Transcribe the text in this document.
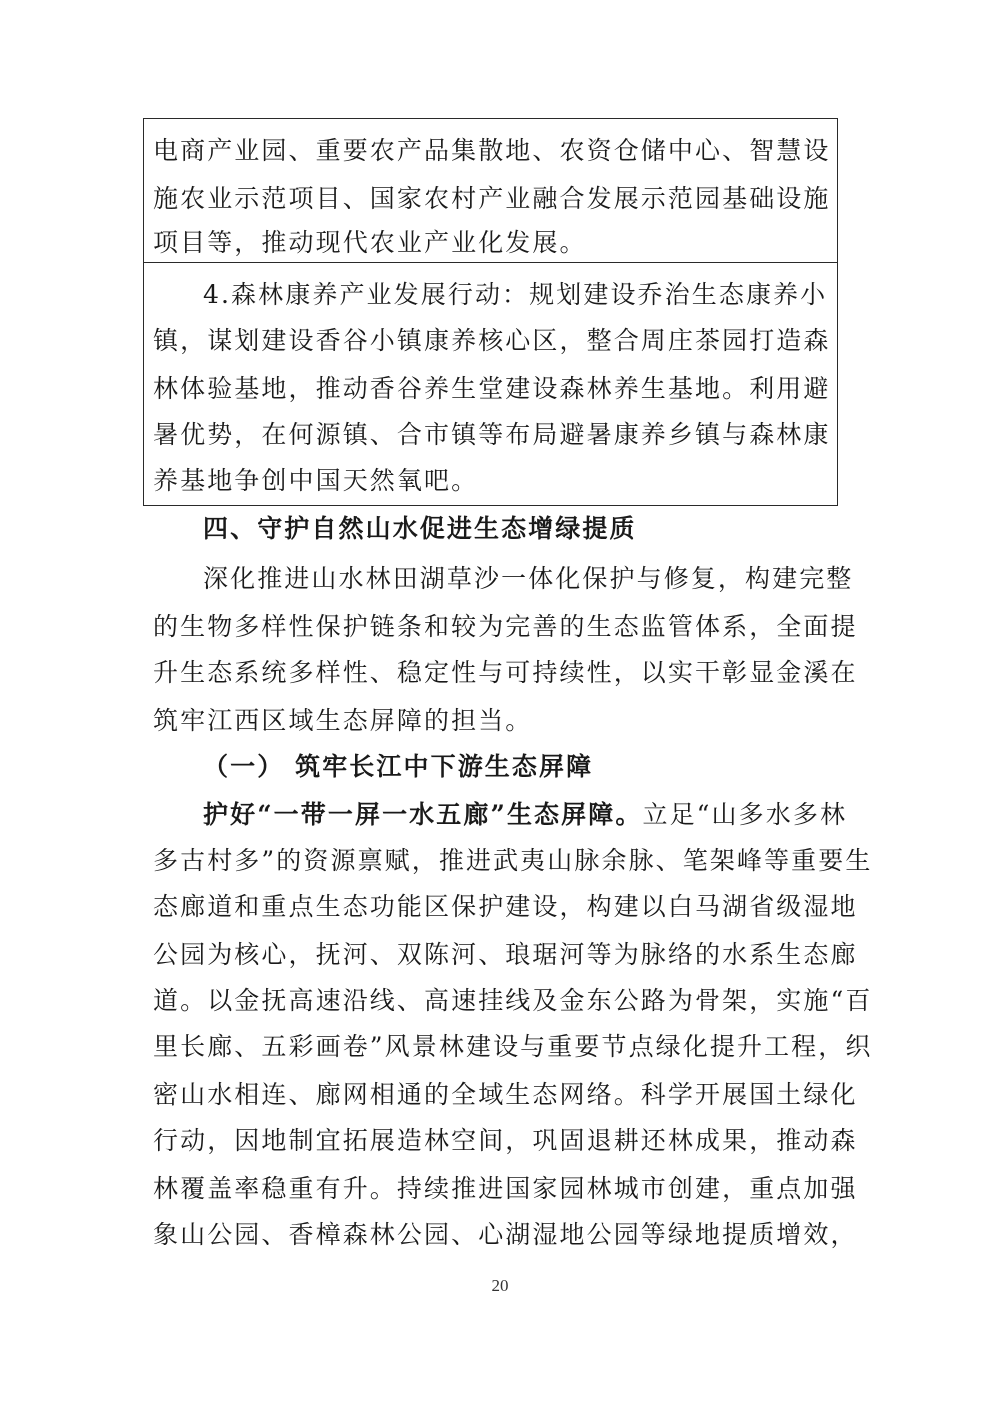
电商产业园、重要农产品集散地、农资仓储中心、智慧设
施农业示范项目、国家农村产业融合发展示范园基础设施
项目等，推动现代农业产业化发展。
4.森林康养产业发展行动：规划建设乔治生态康养小
镇，谋划建设香谷小镇康养核心区，整合周庄茶园打造森
林体验基地，推动香谷养生堂建设森林养生基地。利用避
暑优势，在何源镇、合市镇等布局避暑康养乡镇与森林康
养基地争创中国天然氧吧。
四、守护自然山水促进生态增绿提质
深化推进山水林田湖草沙一体化保护与修复，构建完整
的生物多样性保护链条和较为完善的生态监管体系，全面提
升生态系统多样性、稳定性与可持续性，以实干彰显金溪在
筑牢江西区域生态屏障的担当。
（一） 筑牢长江中下游生态屏障
护好“一带一屏一水五廊”生态屏障。立足“山多水多林
多古村多”的资源禀赋，推进武夷山脉余脉、笔架峰等重要生
态廊道和重点生态功能区保护建设，构建以白马湖省级湿地
公园为核心，抚河、双陈河、琅琚河等为脉络的水系生态廊
道。以金抚高速沿线、高速挂线及金东公路为骨架，实施“百
里长廊、五彩画卷”风景林建设与重要节点绿化提升工程，织
密山水相连、廊网相通的全域生态网络。科学开展国土绿化
行动，因地制宜拓展造林空间，巩固退耕还林成果，推动森
林覆盖率稳重有升。持续推进国家园林城市创建，重点加强
象山公园、香樟森林公园、心湖湿地公园等绿地提质增效，
20
